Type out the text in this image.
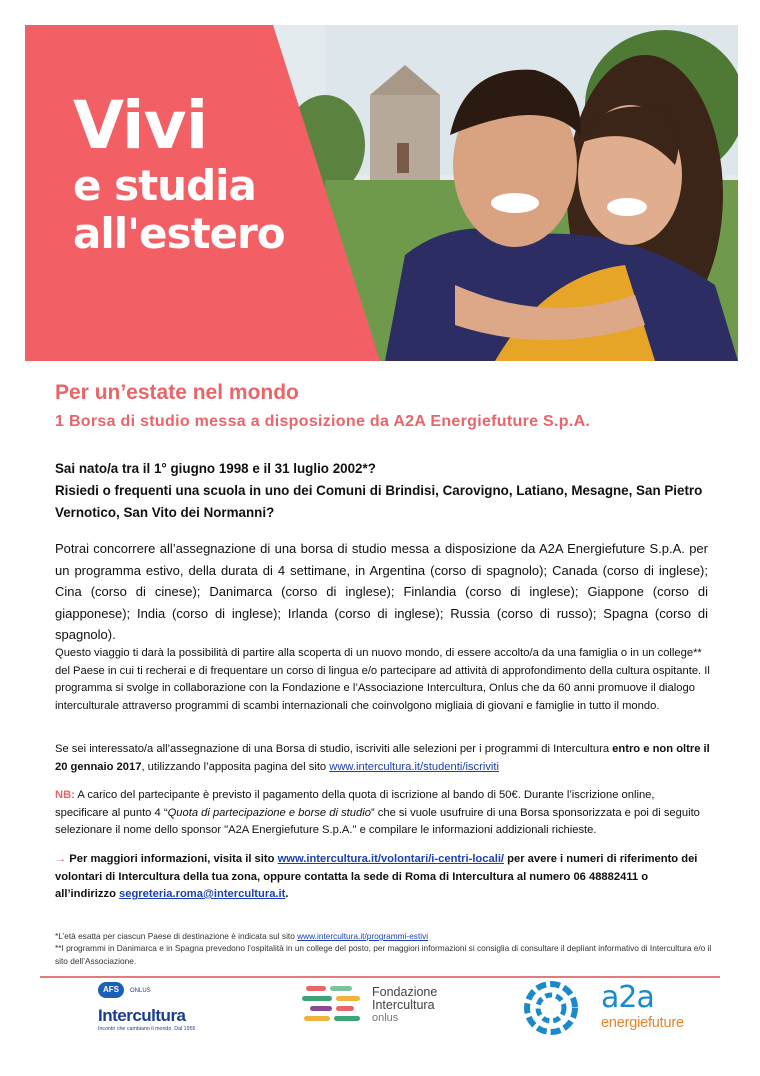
Vivi
e studia
all'estero
Per un’estate nel mondo
1 Borsa di studio messa a disposizione da A2A Energiefuture S.p.A.

Sai nato/a tra il 1° giugno 1998 e il 31 luglio 2002*?

Risiedi o frequenti una scuola in uno dei Comuni di Brindisi, Carovigno, Latiano, Mesagne, San Pietro Vernotico, San Vito dei Normanni?

Potrai concorrere all’assegnazione di una borsa di studio messa a disposizione da A2A Energiefuture S.p.A. per un programma estivo, della durata di 4 settimane, in Argentina (corso di spagnolo); Canada (corso di inglese); Cina (corso di cinese); Danimarca (corso di inglese); Finlandia (corso di inglese); Giappone (corso di giapponese); India (corso di inglese); Irlanda (corso di inglese); Russia (corso di russo); Spagna (corso di spagnolo).

Questo viaggio ti darà la possibilità di partire alla scoperta di un nuovo mondo, di essere accolto/a da una famiglia o in un college** del Paese in cui ti recherai e di frequentare un corso di lingua e/o partecipare ad attività di approfondimento della cultura ospitante. Il programma si svolge in collaborazione con la Fondazione e l’Associazione Intercultura, Onlus che da 60 anni promuove il dialogo interculturale attraverso programmi di scambi internazionali che coinvolgono migliaia di giovani e famiglie in tutto il mondo.

Se sei interessato/a all’assegnazione di una Borsa di studio, iscriviti alle selezioni per i programmi di Intercultura entro e non oltre il 20 gennaio 2017, utilizzando l’apposita pagina del sito www.intercultura.it/studenti/iscriviti

NB: A carico del partecipante è previsto il pagamento della quota di iscrizione al bando di 50€. Durante l’iscrizione online, specificare al punto 4 “Quota di partecipazione e borse di studio” che si vuole usufruire di una Borsa sponsorizzata e poi di seguito selezionare il nome dello sponsor "A2A Energiefuture S.p.A." e compilare le informazioni addizionali richieste.

→ Per maggiori informazioni, visita il sito www.intercultura.it/volontari/i-centri-locali/ per avere i numeri di riferimento dei volontari di Intercultura della tua zona, oppure contatta la sede di Roma di Intercultura al numero 06 48882411 o all’indirizzo segreteria.roma@intercultura.it.

*L’età esatta per ciascun Paese di destinazione è indicata sul sito www.intercultura.it/programmi-estivi

**I programmi in Danimarca e in Spagna prevedono l’ospitalità in un college del posto, per maggiori informazioni si consiglia di consultare il depliant informativo di Intercultura e/o il sito dell’Associazione.

AFS	ONLUS
Intercultura
Incontri che cambiano il mondo. Dal 1955
Fondazione
Intercultura
onlus
a2a
energiefuture
